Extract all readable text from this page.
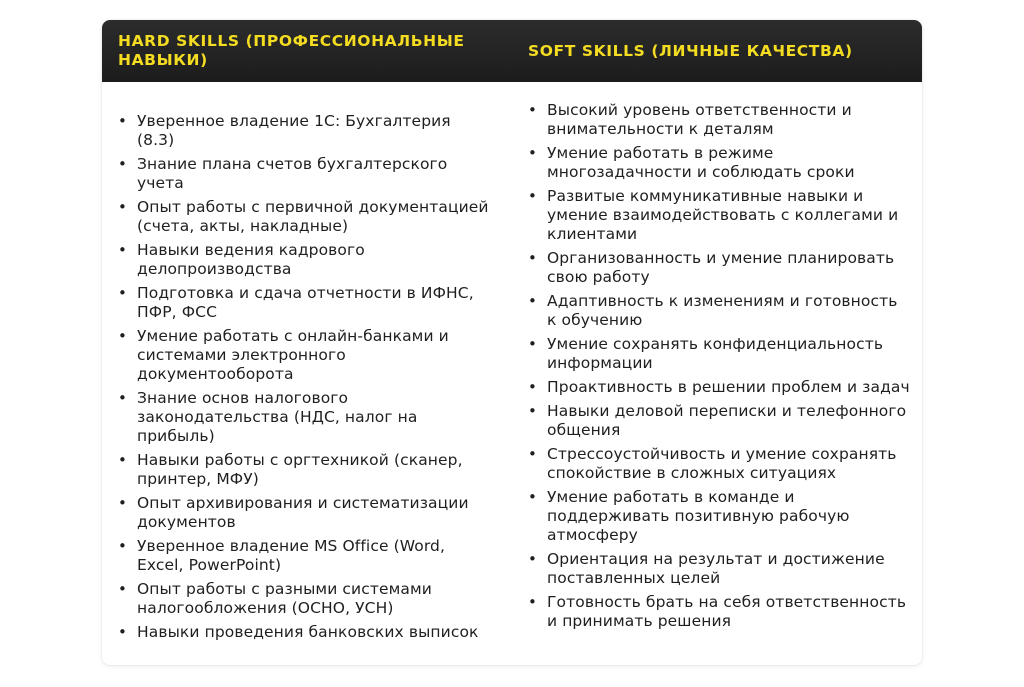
HARD SKILLS (ПРОФЕССИОНАЛЬНЫЕ НАВЫКИ)
SOFT SKILLS (ЛИЧНЫЕ КАЧЕСТВА)
• Уверенное владение 1С: Бухгалтерия (8.3)
• Знание плана счетов бухгалтерского учета
• Опыт работы с первичной документацией (счета, акты, накладные)
• Навыки ведения кадрового делопроизводства
• Подготовка и сдача отчетности в ИФНС, ПФР, ФСС
• Умение работать с онлайн-банками и системами электронного документооборота
• Знание основ налогового законодательства (НДС, налог на прибыль)
• Навыки работы с оргтехникой (сканер, принтер, МФУ)
• Опыт архивирования и систематизации документов
• Уверенное владение MS Office (Word, Excel, PowerPoint)
• Опыт работы с разными системами налогообложения (ОСНО, УСН)
• Навыки проведения банковских выписок
• Высокий уровень ответственности и внимательности к деталям
• Умение работать в режиме многозадачности и соблюдать сроки
• Развитые коммуникативные навыки и умение взаимодействовать с коллегами и клиентами
• Организованность и умение планировать свою работу
• Адаптивность к изменениям и готовность к обучению
• Умение сохранять конфиденциальность информации
• Проактивность в решении проблем и задач
• Навыки деловой переписки и телефонного общения
• Стрессоустойчивость и умение сохранять спокойствие в сложных ситуациях
• Умение работать в команде и поддерживать позитивную рабочую атмосферу
• Ориентация на результат и достижение поставленных целей
• Готовность брать на себя ответственность и принимать решения
